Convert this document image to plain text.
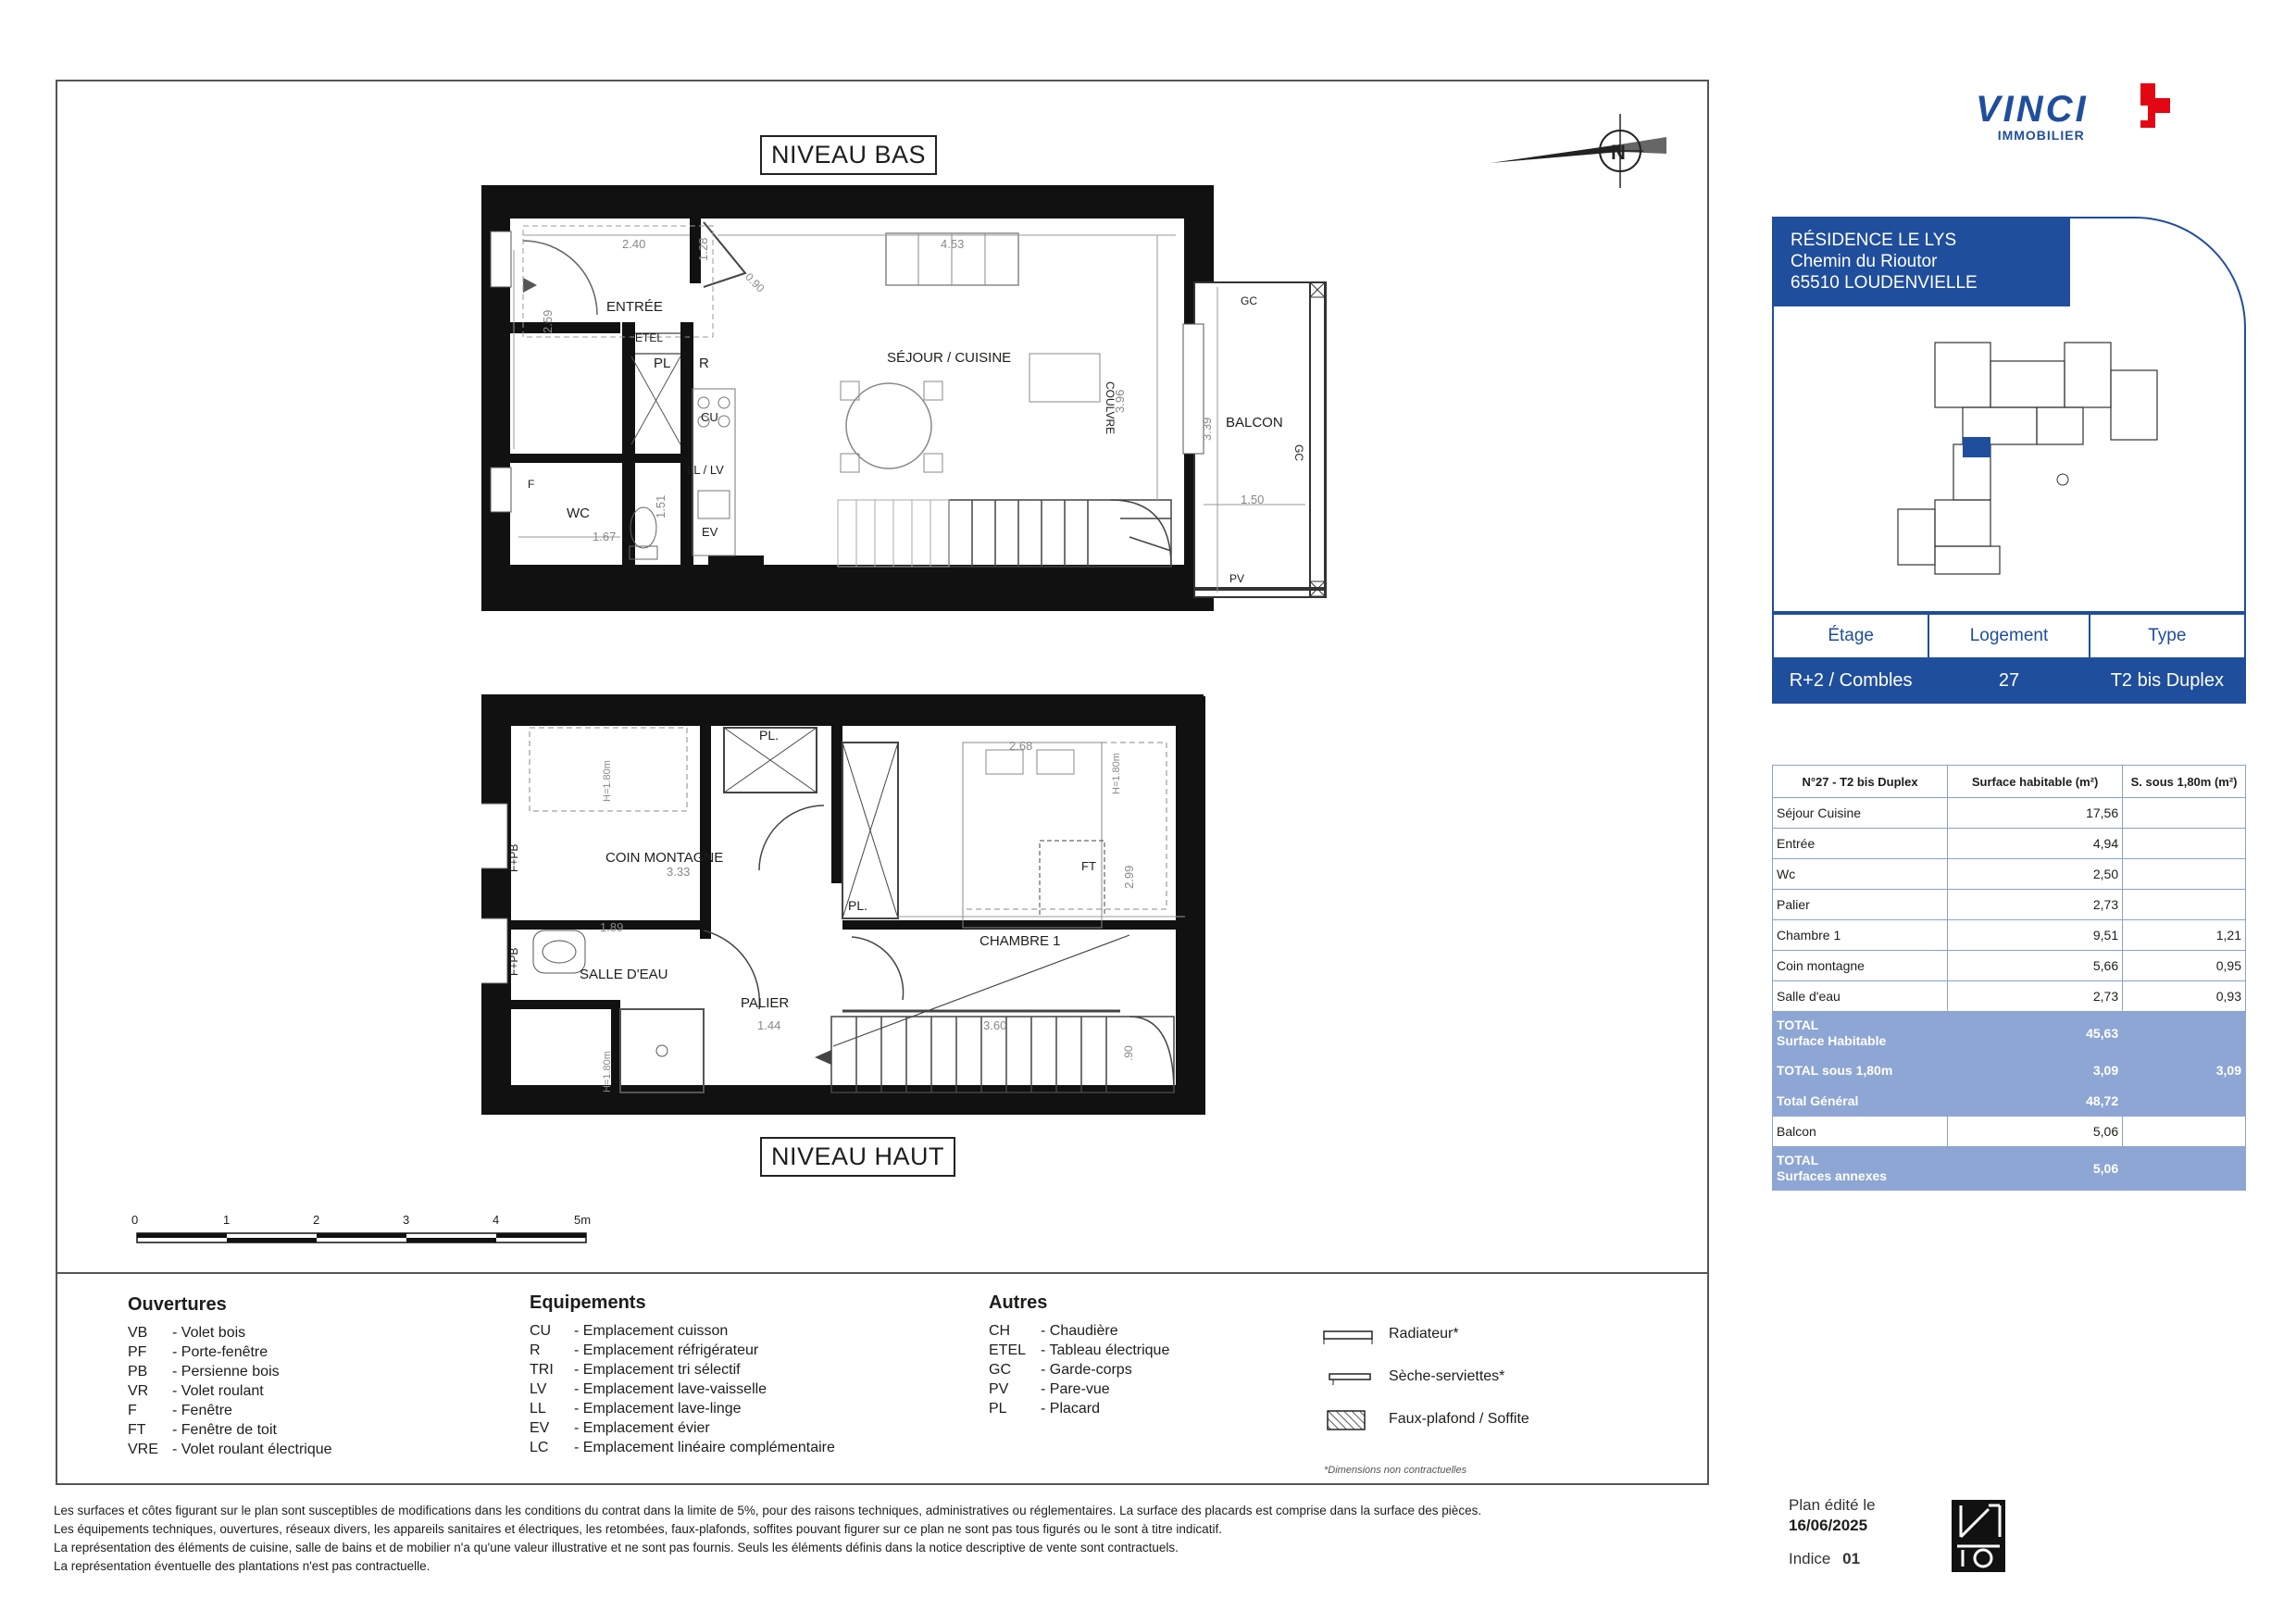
NIVEAU BAS
NIVEAU HAUT
N
ENTRÉE
SÉJOUR / CUISINE
WC
BALCON
ETEL
PL R
CU
LL / LV
EV
COULVRE
GC
GC
PV
F
2.40	1.28	4.53
2.59
3.96
3.39
1.50
1.67
1.51
0.90
COIN MONTAGNE
CHAMBRE 1
SALLE D'EAU
PALIER
PL.
PL.
FT
F+PB
F+PB
3.33
1.89
2.68
2.99
1.44	3.60
H=1.80m	H=1.80m
H=1.80m	.90
0	1	2	3	4	5m
VINCI
IMMOBILIER
RÉSIDENCE LE LYS
Chemin du Rioutor
65510 LOUDENVIELLE
Étage	Logement	Type
R+2 / Combles	27	T2 bis Duplex
N°27 - T2 bis Duplex	Surface habitable (m²)	S. sous 1,80m (m²)
Séjour Cuisine	17,56	
Entrée	4,94	
Wc	2,50	
Palier	2,73	
Chambre 1	9,51	1,21
Coin montagne	5,66	0,95
Salle d'eau	2,73	0,93

TOTAL
Surface Habitable	45,63	
TOTAL sous 1,80m	3,09	3,09
Total Général	48,72	
Balcon	5,06	

TOTAL
Surfaces annexes	5,06	
Ouvertures
VB - Volet bois
PF - Porte-fenêtre
PB - Persienne bois
VR - Volet roulant
F - Fenêtre
FT - Fenêtre de toit
VRE - Volet roulant électrique
Equipements
CU - Emplacement cuisson
R - Emplacement réfrigérateur
TRI - Emplacement tri sélectif
LV - Emplacement lave-vaisselle
LL - Emplacement lave-linge
EV - Emplacement évier
LC - Emplacement linéaire complémentaire
Autres
CH - Chaudière
ETEL - Tableau électrique
GC - Garde-corps
PV - Pare-vue
PL - Placard
Radiateur*
Sèche-serviettes*
Faux-plafond / Soffite
*Dimensions non contractuelles
Les surfaces et côtes figurant sur le plan sont susceptibles de modifications dans les conditions du contrat dans la limite de 5%, pour des raisons techniques, administratives ou réglementaires. La surface des placards est comprise dans la surface des pièces.
Les équipements techniques, ouvertures, réseaux divers, les appareils sanitaires et électriques, les retombées, faux-plafonds, soffites pouvant figurer sur ce plan ne sont pas tous figurés ou le sont à titre indicatif.
La représentation des éléments de cuisine, salle de bains et de mobilier n'a qu'une valeur illustrative et ne sont pas fournis. Seuls les éléments définis dans la notice descriptive de vente sont contractuels.
La représentation éventuelle des plantations n'est pas contractuelle.
Plan édité le
16/06/2025
Indice 01
